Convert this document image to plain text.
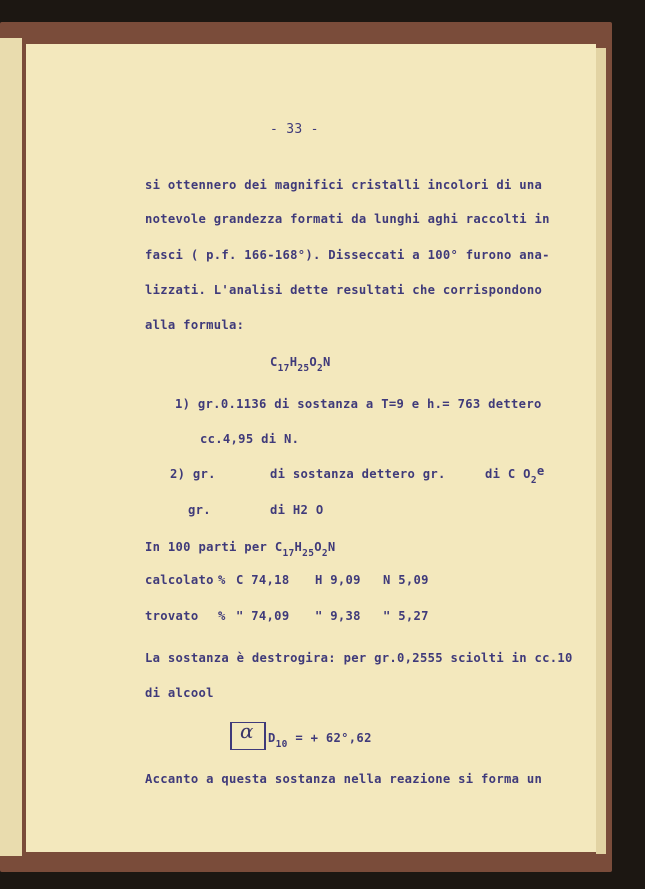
- 33 -
si ottennero dei magnifici cristalli incolori di una
notevole grandezza formati da lunghi aghi raccolti in
fasci ( p.f. 166-168°). Disseccati a 100° furono ana-
lizzati. L'analisi dette resultati che corrispondono
alla formula:
$C_{17}H_{25}O_2N$
1) gr.0.1136 di sostanza a T=9 e h.= 763 dettero
cc.4,95 di N.
2) gr.	di sostanza dettero gr.	di C $O_2e$
gr.	di H2 O
In 100 parti per $C_{17}H_{25}O_2N$
calcolato % C 74,18 H 9,09 N 5,09
trovato % " 74,09 " 9,38 " 5,27
La sostanza è destrogira: per gr.0,2555 sciolti in cc.10
di alcool
α $D_{10}$ = + 62°,62
Accanto a questa sostanza nella reazione si forma un
